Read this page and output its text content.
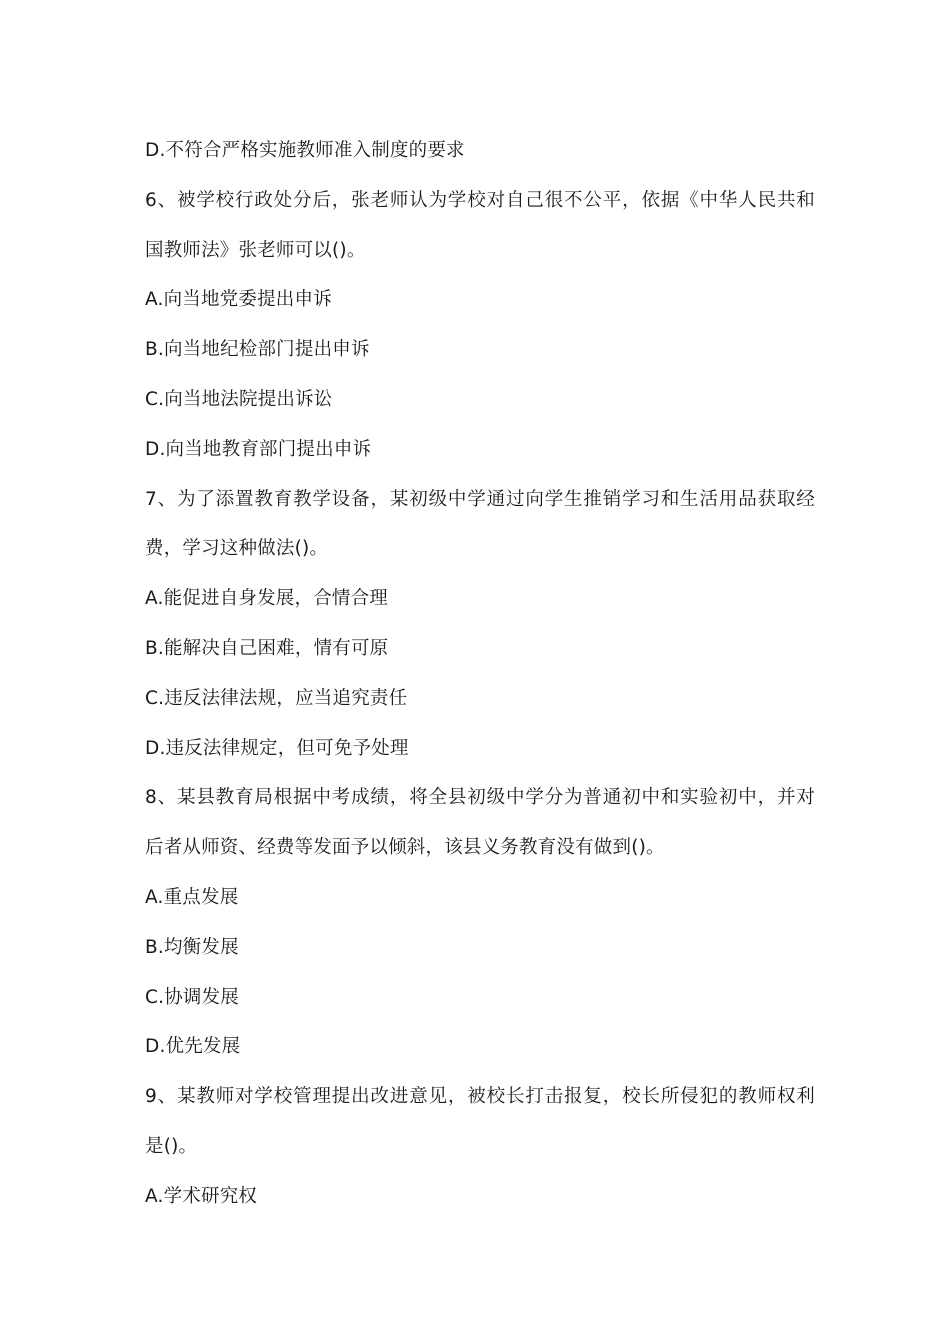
D.不符合严格实施教师准入制度的要求
6、被学校行政处分后，张老师认为学校对自己很不公平，依据《中华人民共和
国教师法》张老师可以()。
A.向当地党委提出申诉
B.向当地纪检部门提出申诉
C.向当地法院提出诉讼
D.向当地教育部门提出申诉
7、为了添置教育教学设备，某初级中学通过向学生推销学习和生活用品获取经
费，学习这种做法()。
A.能促进自身发展，合情合理
B.能解决自己困难，情有可原
C.违反法律法规，应当追究责任
D.违反法律规定，但可免予处理
8、某县教育局根据中考成绩，将全县初级中学分为普通初中和实验初中，并对
后者从师资、经费等发面予以倾斜，该县义务教育没有做到()。
A.重点发展
B.均衡发展
C.协调发展
D.优先发展
9、某教师对学校管理提出改进意见，被校长打击报复，校长所侵犯的教师权利
是()。
A.学术研究权
